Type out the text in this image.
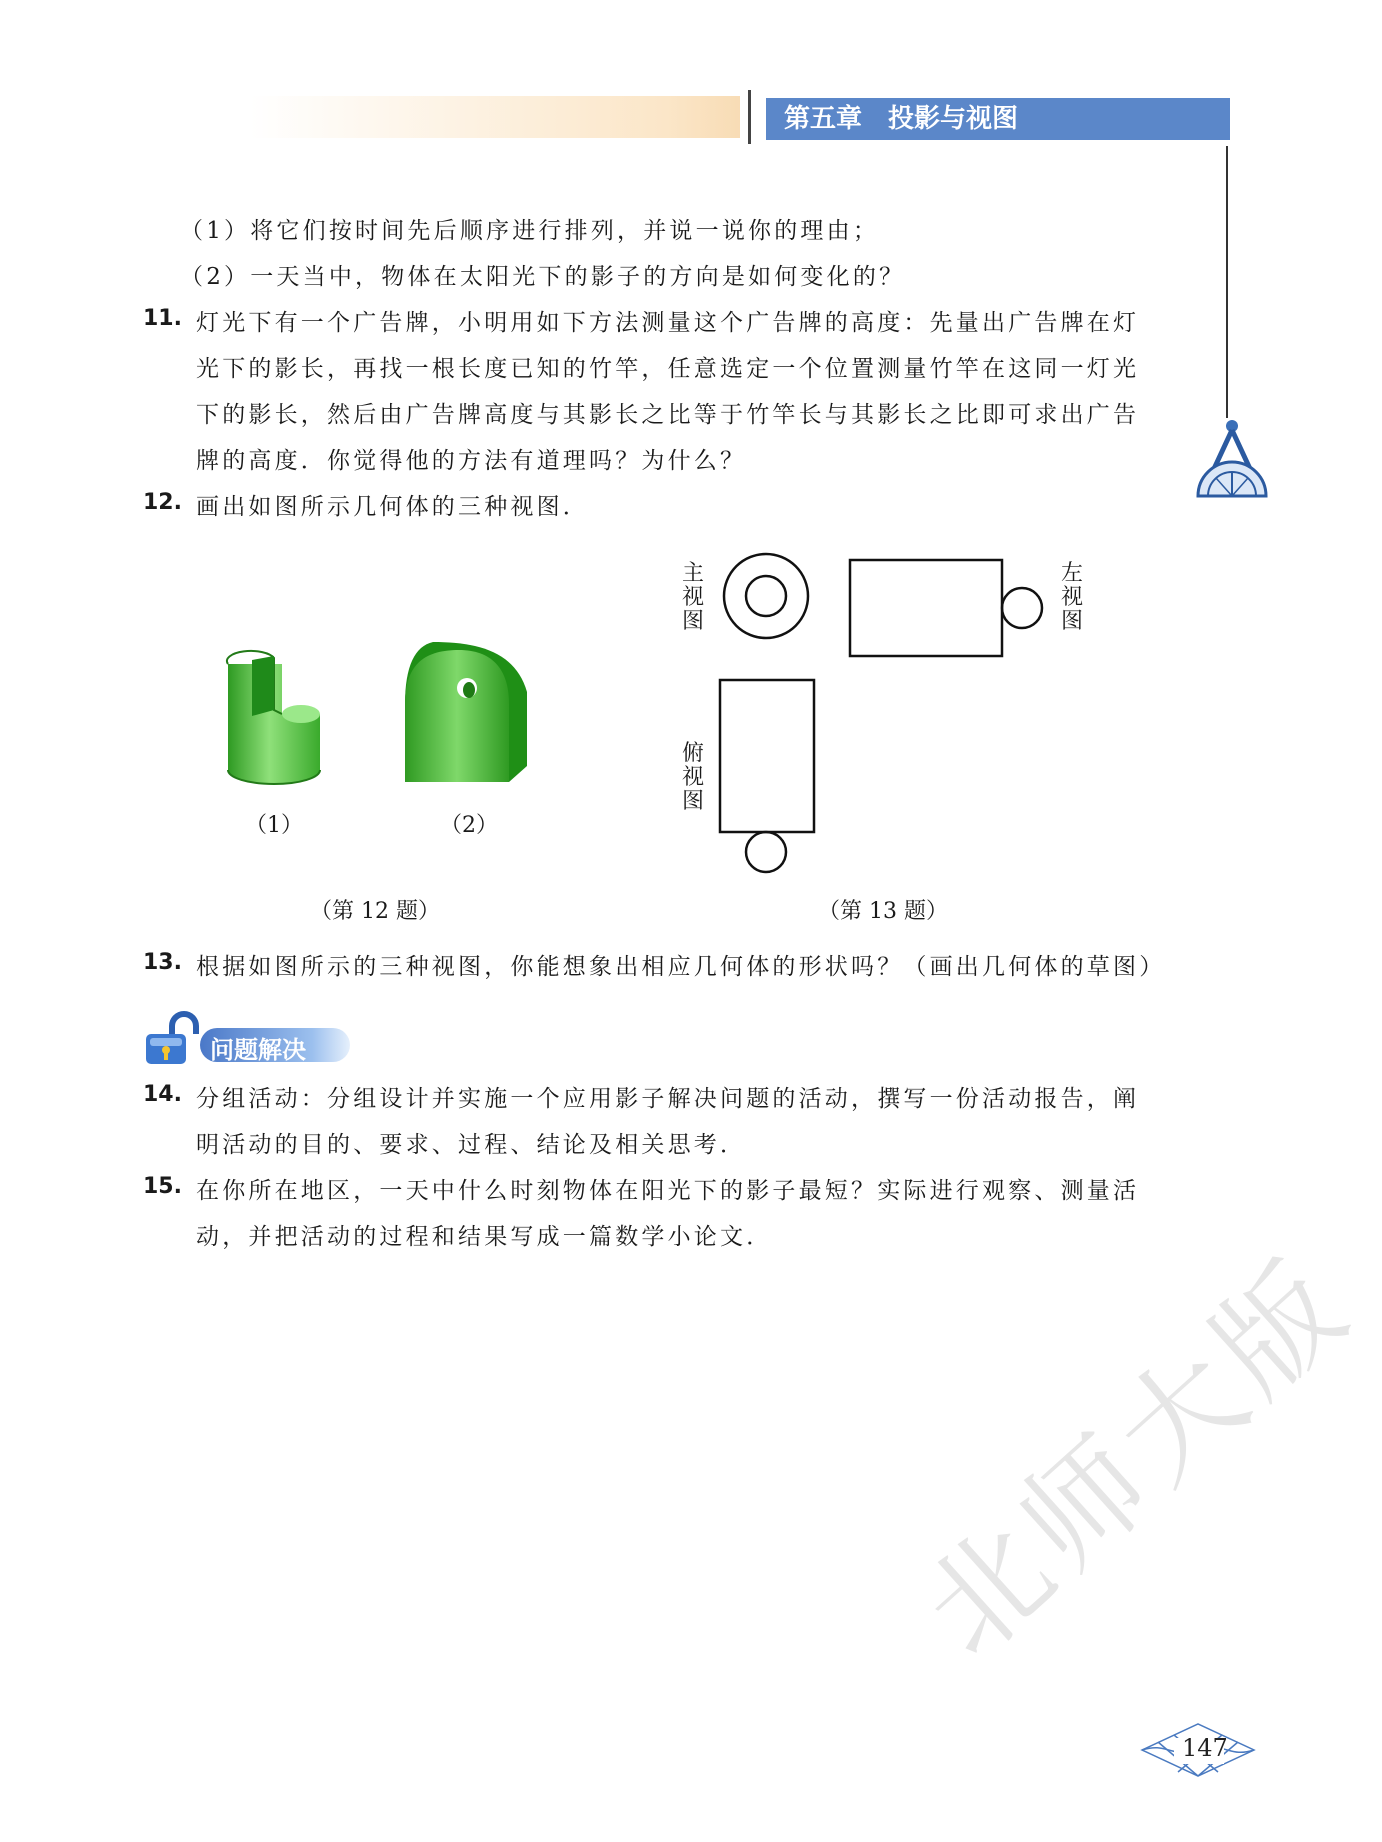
第五章　投影与视图
（1）将它们按时间先后顺序进行排列，并说一说你的理由；
（2）一天当中，物体在太阳光下的影子的方向是如何变化的？
11. 灯光下有一个广告牌，小明用如下方法测量这个广告牌的高度：先量出广告牌在灯
光下的影长，再找一根长度已知的竹竿，任意选定一个位置测量竹竿在这同一灯光
下的影长，然后由广告牌高度与其影长之比等于竹竿长与其影长之比即可求出广告
牌的高度．你觉得他的方法有道理吗？为什么？
12. 画出如图所示几何体的三种视图．
（1）	（2）
（第 12 题）
主视图
左视图
俯视图
（第 13 题）
13. 根据如图所示的三种视图，你能想象出相应几何体的形状吗？（画出几何体的草图）
问题解决
14. 分组活动：分组设计并实施一个应用影子解决问题的活动，撰写一份活动报告，阐
明活动的目的、要求、过程、结论及相关思考．
15. 在你所在地区，一天中什么时刻物体在阳光下的影子最短？实际进行观察、测量活
动，并把活动的过程和结果写成一篇数学小论文． 北师大版
147
